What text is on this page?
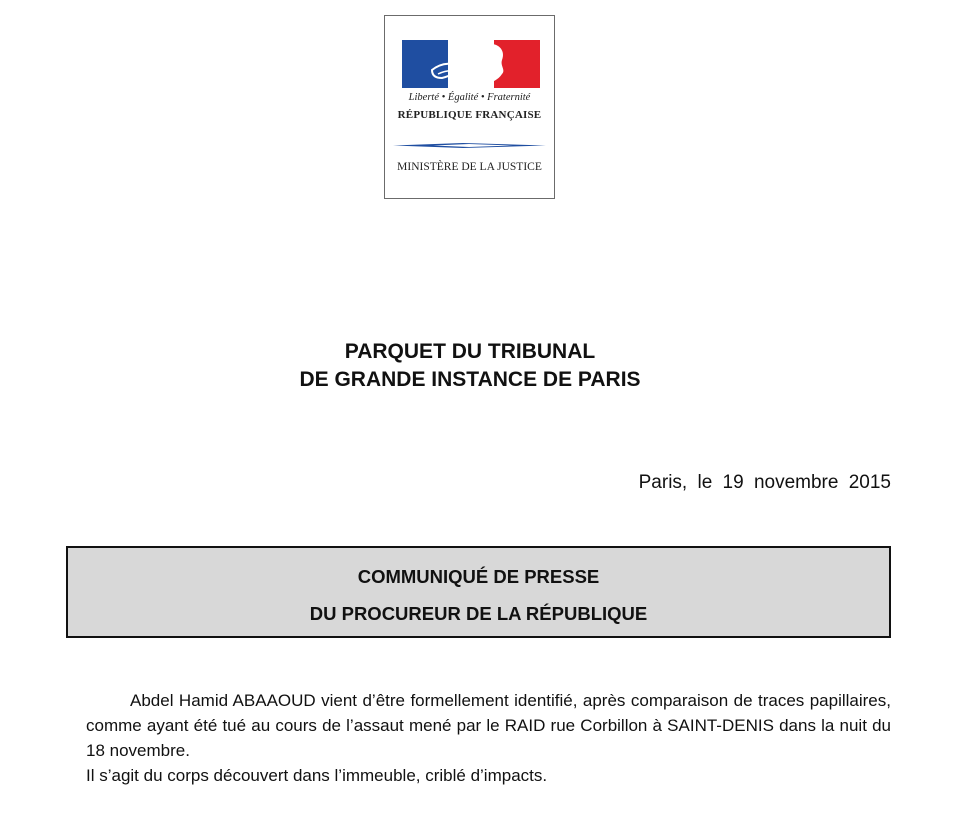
Liberté • Égalité • Fraternité
RÉPUBLIQUE FRANÇAISE
MINISTÈRE DE LA JUSTICE
PARQUET DU TRIBUNAL
DE GRANDE INSTANCE DE PARIS
Paris, le 19 novembre 2015
COMMUNIQUÉ DE PRESSE
DU PROCUREUR DE LA RÉPUBLIQUE

Abdel Hamid ABAAOUD vient d’être formellement identifié, après comparaison de traces papillaires, comme ayant été tué au cours de l’assaut mené par le RAID rue Corbillon à SAINT-DENIS dans la nuit du 18 novembre.

Il s’agit du corps découvert dans l’immeuble, criblé d’impacts.
